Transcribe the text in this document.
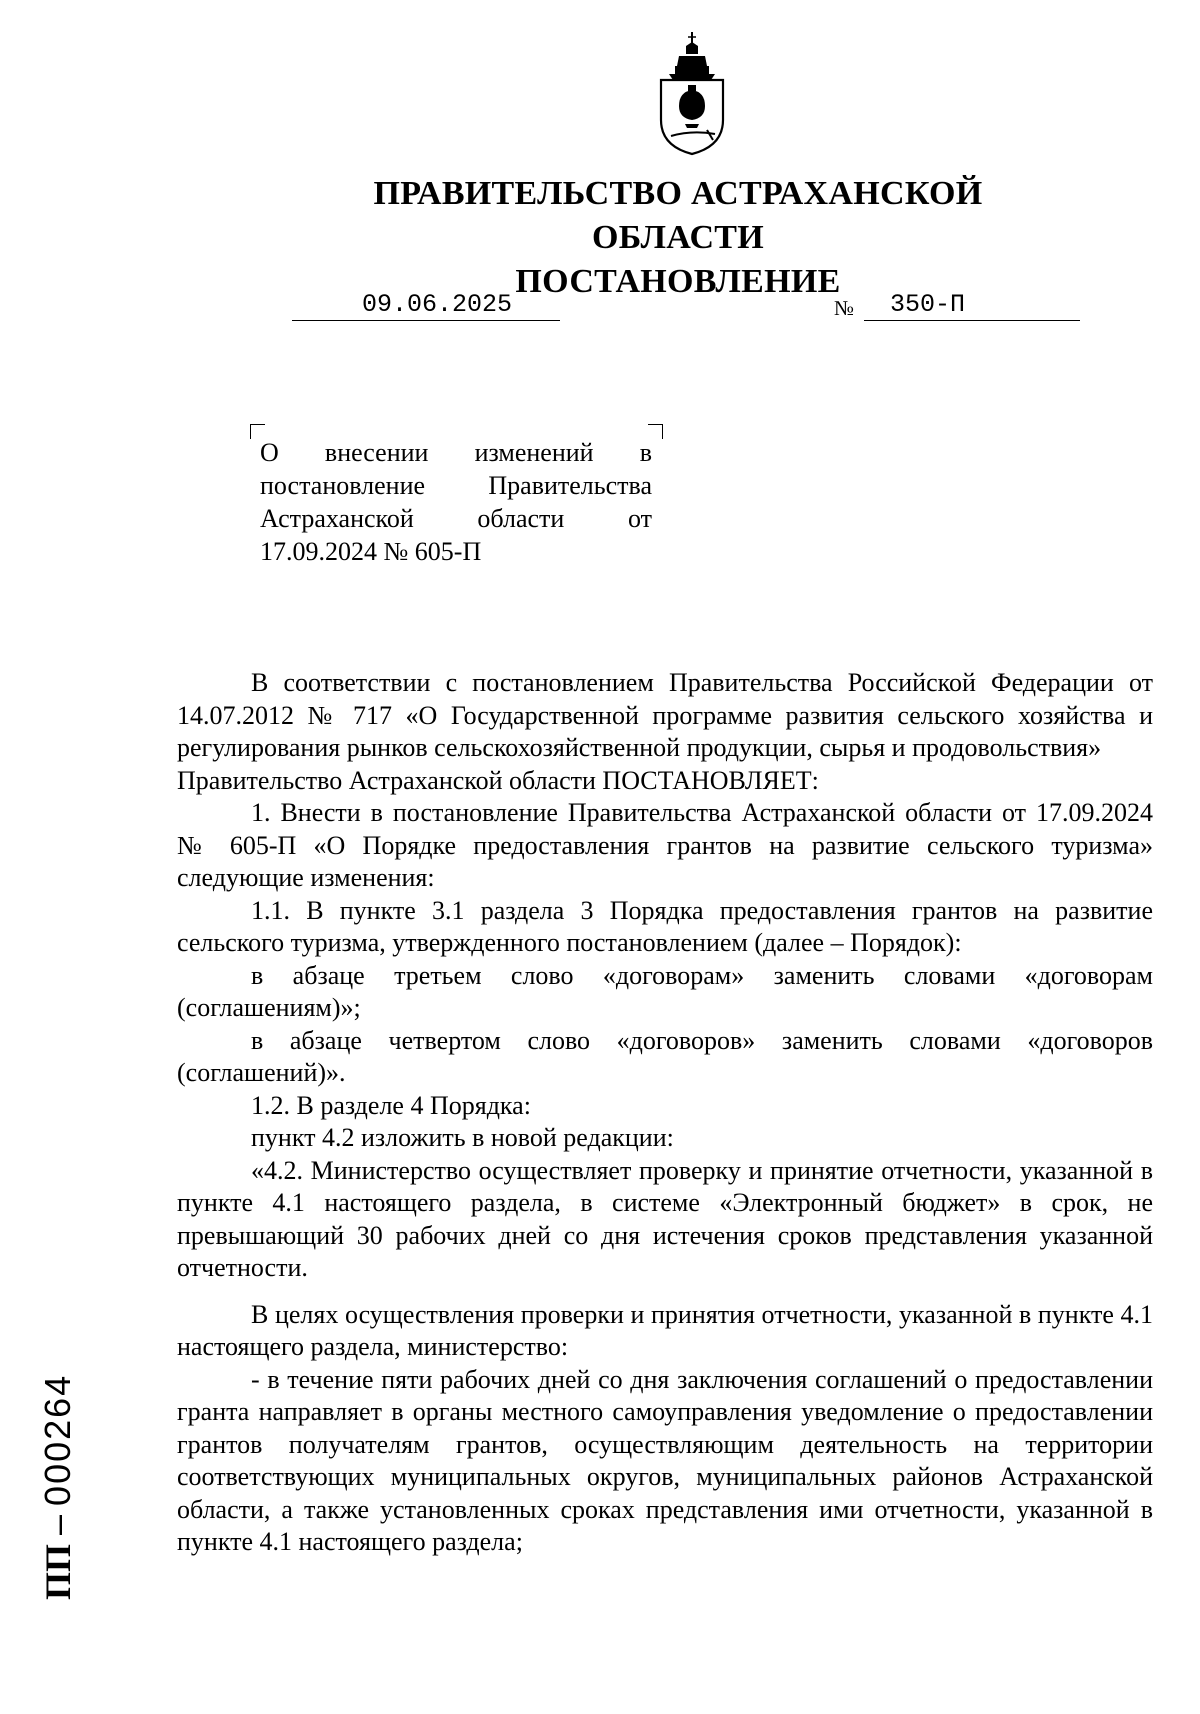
ПРАВИТЕЛЬСТВО АСТРАХАНСКОЙ ОБЛАСТИ
ПОСТАНОВЛЕНИЕ
09.06.2025	№	350-П
О внесении изменений в постановление Правительства Астраханской области от 17.09.2024 № 605-П

В соответствии с постановлением Правительства Российской Федерации от 14.07.2012 № 717 «О Государственной программе развития сельского хозяйства и регулирования рынков сельскохозяйственной продукции, сырья и продовольствия»

Правительство Астраханской области ПОСТАНОВЛЯЕТ:

1. Внести в постановление Правительства Астраханской области от 17.09.2024 № 605-П «О Порядке предоставления грантов на развитие сельского туризма» следующие изменения:

1.1. В пункте 3.1 раздела 3 Порядка предоставления грантов на развитие сельского туризма, утвержденного постановлением (далее – Порядок):

в абзаце третьем слово «договорам» заменить словами «договорам (соглашениям)»;

в абзаце четвертом слово «договоров» заменить словами «договоров (соглашений)».

1.2. В разделе 4 Порядка:

пункт 4.2 изложить в новой редакции:

«4.2. Министерство осуществляет проверку и принятие отчетности, указанной в пункте 4.1 настоящего раздела, в системе «Электронный бюджет» в срок, не превышающий 30 рабочих дней со дня истечения сроков представления указанной отчетности.

В целях осуществления проверки и принятия отчетности, указанной в пункте 4.1 настоящего раздела, министерство:

- в течение пяти рабочих дней со дня заключения соглашений о предоставлении гранта направляет в органы местного самоуправления уведомление о предоставлении грантов получателям грантов, осуществляющим деятельность на территории соответствующих муниципальных округов, муниципальных районов Астраханской области, а также установленных сроках представления ими отчетности, указанной в пункте 4.1 настоящего раздела;

ПП – 000264
